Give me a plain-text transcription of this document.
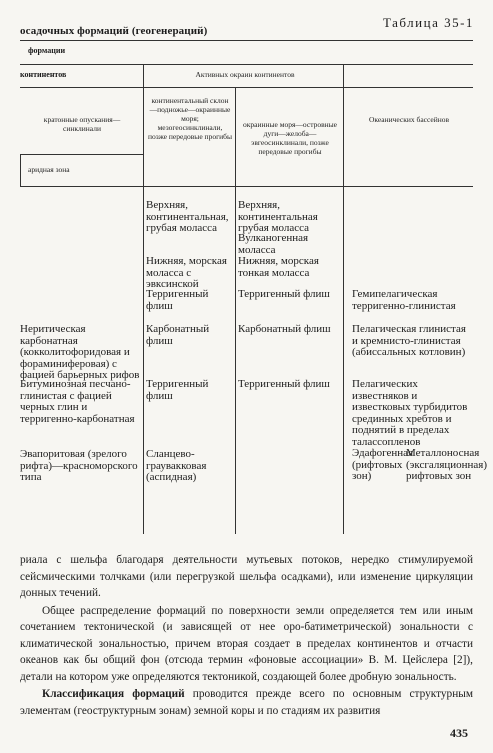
осадочных формаций (геогенераций)
Таблица 35-1
формации
континентов	Активных окраин континентов
кратонные опускания—синклинали
аридная зона
континентальный склон—подножье—окраинные моря; мезогеосинклинали, позже передовые прогибы
окраинные моря—островные дуги—желоба—эвгеосинклинали, позже передовые прогибы
Океанических бассейнов
Неритическая карбонатная (кокколитофоридовая и фораминиферовая) с фацией барьерных рифов
Битуминозная песчано-глинистая с фацией черных глин и терригенно-карбонатная
Эвапоритовая (зрелого рифта)—красноморского типа
Верхняя, континентальная, грубая моласса
Нижняя, морская моласса с эвксинской
Терригенный флиш
Карбонатный флиш
Терригенный флиш
Сланцево-граувакковая (аспидная)
Верхняя, континентальная грубая моласса
Вулканогенная моласса
Нижняя, морская тонкая моласса
Терригенный флиш
Карбонатный флиш
Терригенный флиш
Гемипелагическая терригенно-глинистая
Пелагическая глинистая и кремнисто-глинистая (абиссальных котловин)
Пелагических известняков и известковых турбидитов срединных хребтов и поднятий в пределах талассопленов
Эдафогенная (рифтовых зон)
Металлоносная (эксгаляционная) рифтовых зон

риала с шельфа благодаря деятельности мутьевых потоков, нередко стимулируемой сейсмическими толчками (или перегрузкой шельфа осадками), или изменение циркуляции донных течений.

Общее распределение формаций по поверхности земли определяется тем или иным сочетанием тектонической (и зависящей от нее оро-батиметрической) зональности с климатической зональностью, причем вторая создает в пределах континентов и отчасти океанов как бы общий фон (отсюда термин «фоновые ассоциации» В. М. Цейслера [2]), детали на котором уже определяются тектоникой, создающей более дробную зональность.

Классификация формаций проводится прежде всего по основным структурным элементам (геоструктурным зонам) земной коры и по стадиям их развития

435
